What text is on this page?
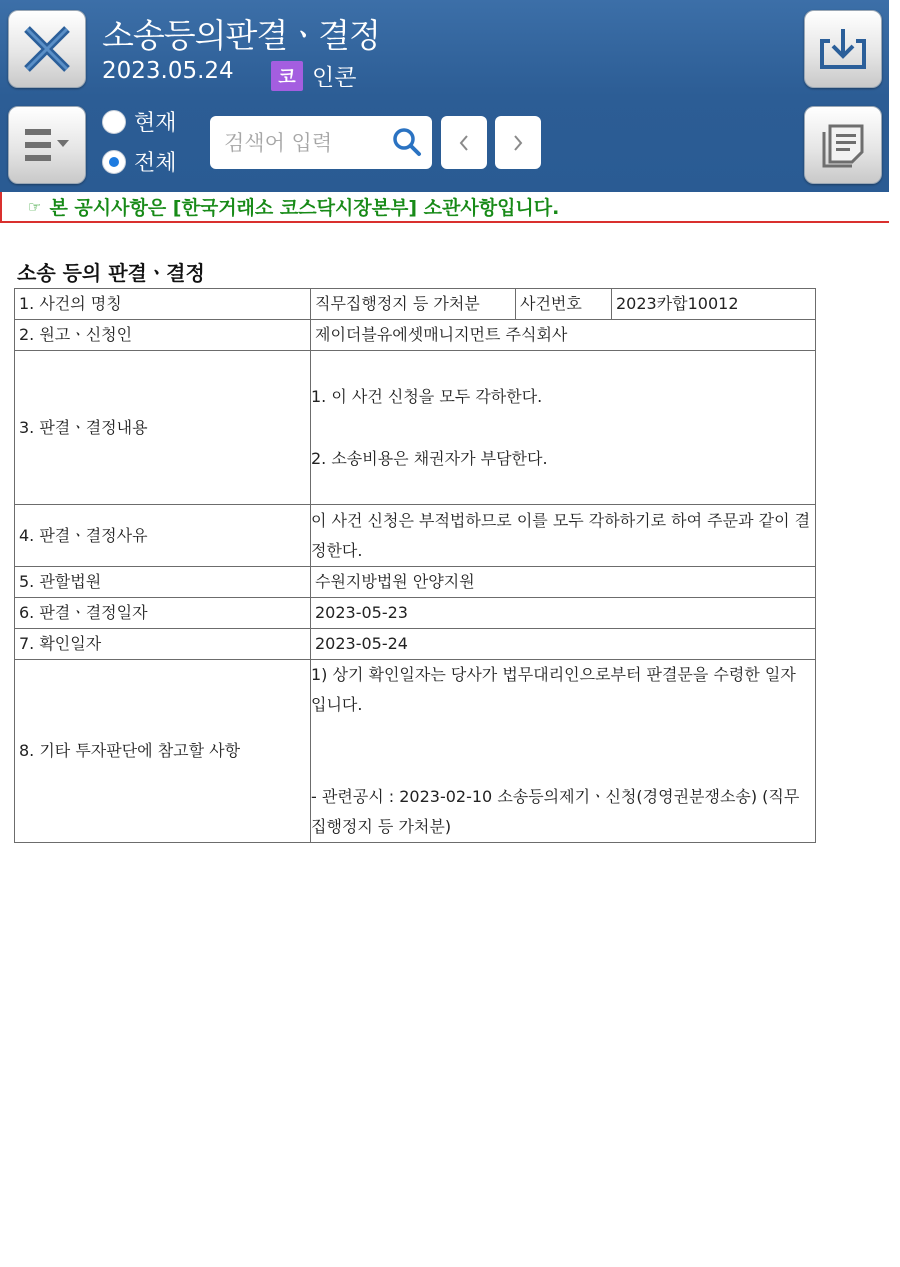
소송등의판결ㆍ결정
2023.05.24	코 인콘
현재
전체
검색어 입력
☞ 본 공시사항은 [한국거래소 코스닥시장본부] 소관사항입니다.
소송 등의 판결ㆍ결정
1. 사건의 명칭	직무집행정지 등 가처분	사건번호	2023카합10012
2. 원고ㆍ신청인	제이더블유에셋매니지먼트 주식회사		
3. 판결ㆍ결정내용	1. 이 사건 신청을 모두 각하한다.
2. 소송비용은 채권자가 부담한다.		

4. 판결ㆍ결정사유	이 사건 신청은 부적법하므로 이를 모두 각하하기로 하여 주문과 같이 결정한다.		
5. 관할법원	수원지방법원 안양지원		
6. 판결ㆍ결정일자	2023-05-23		
7. 확인일자	2023-05-24		
8. 기타 투자판단에 참고할 사항	1) 상기 확인일자는 당사가 법무대리인으로부터 판결문을 수령한 일자 입니다.
- 관련공시 : 2023-02-10 소송등의제기ㆍ신청(경영권분쟁소송) (직무집행정지 등 가처분)		
